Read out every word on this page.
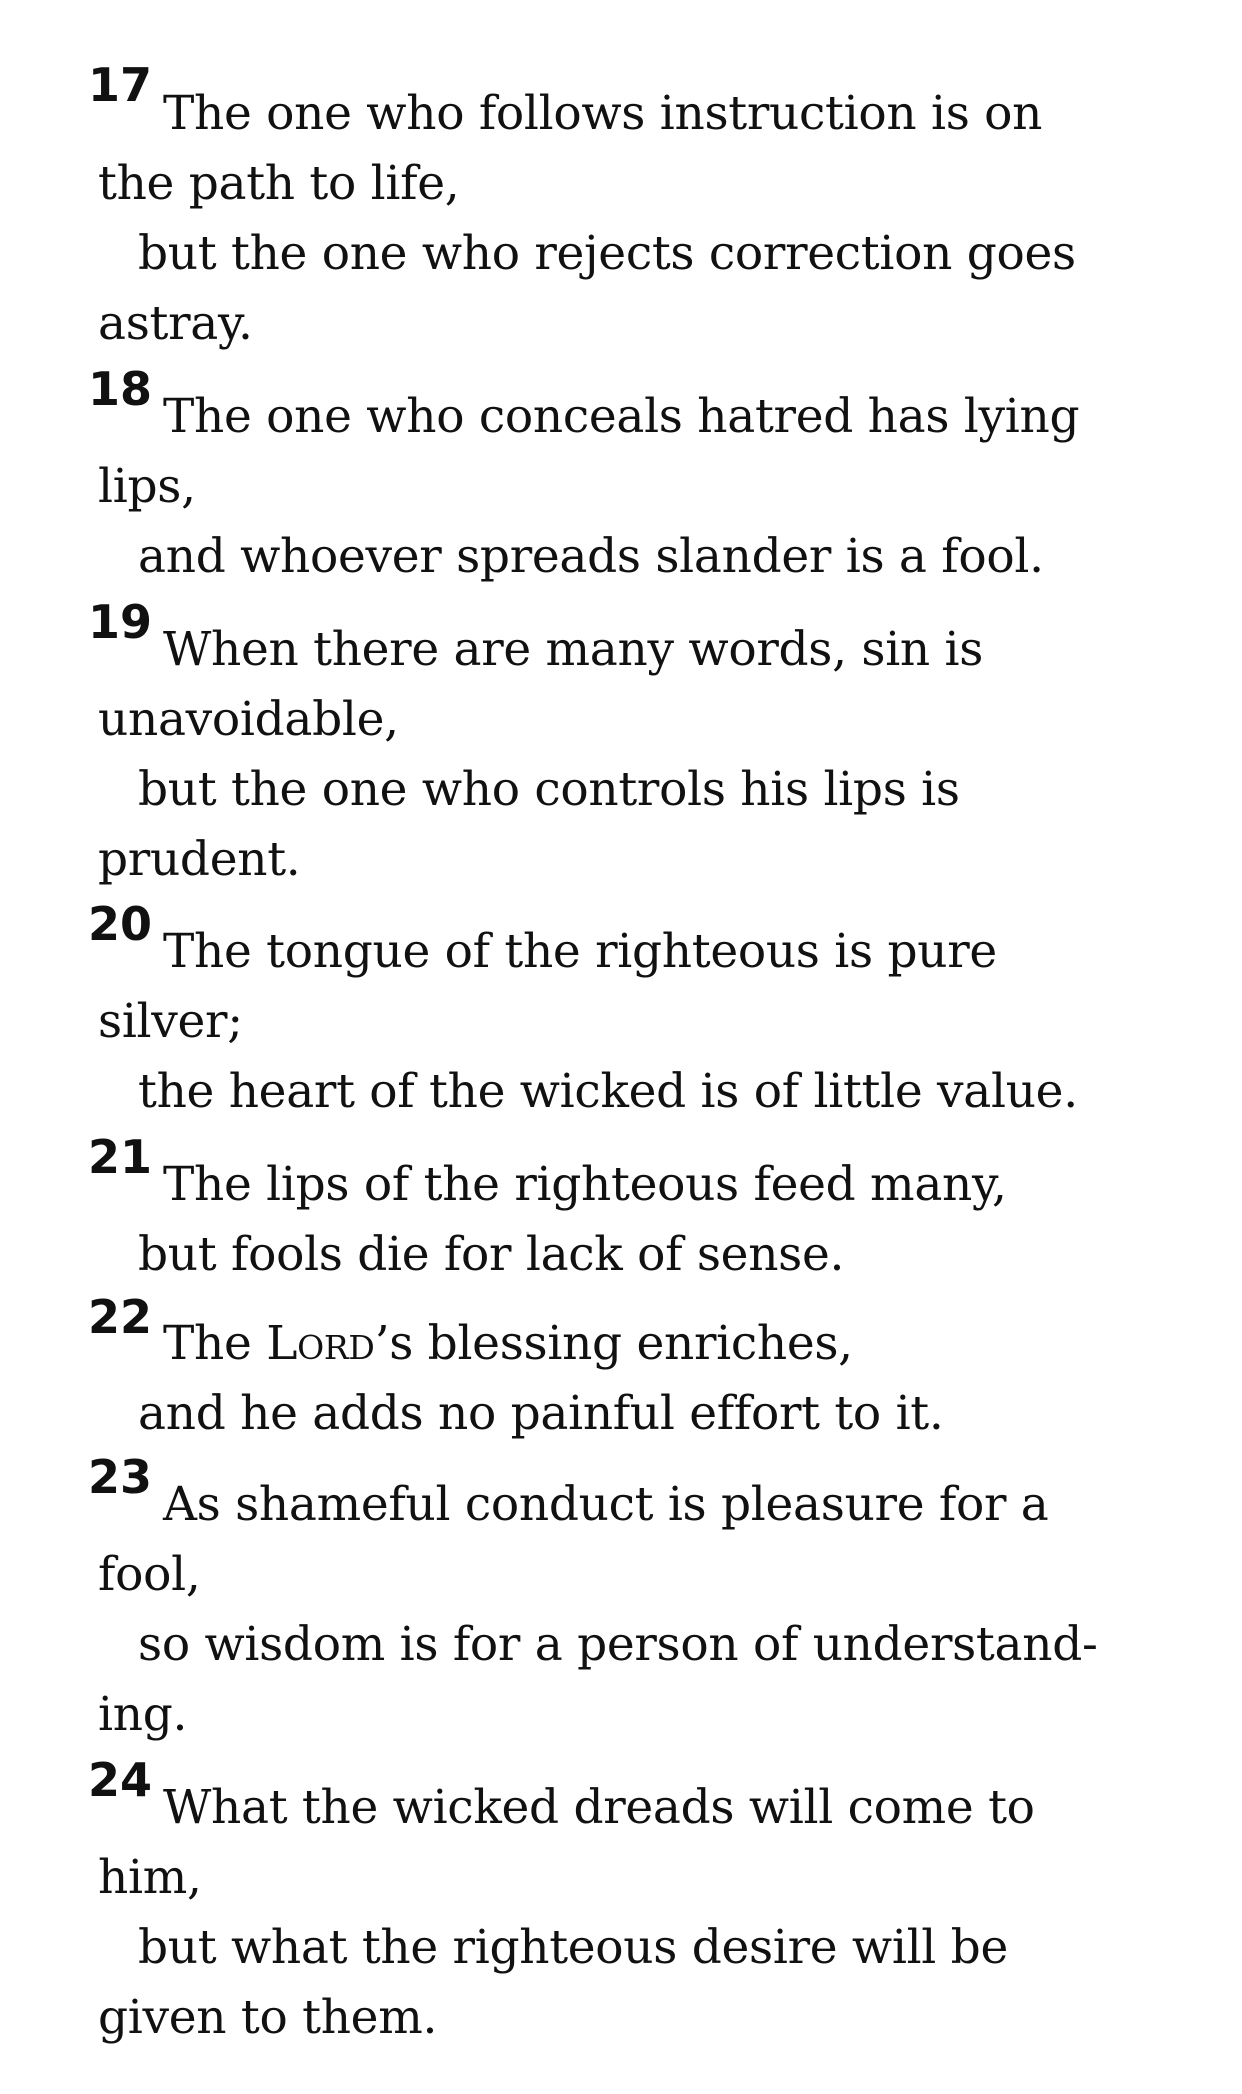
17
The one who follows instruction is on
the path to life,
but the one who rejects correction goes
astray.
18 The one who conceals hatred has lying
lips,
and whoever spreads slander is a fool.
19 When there are many words, sin is
unavoidable,
but the one who controls his lips is
prudent.
20 The tongue of the righteous is pure
silver;
the heart of the wicked is of little value.
21 The lips of the righteous feed many,
but fools die for lack of sense.
22 The Lord’s blessing enriches,
and he adds no painful effort to it.
23 As shameful conduct is pleasure for a
fool,
so wisdom is for a person of understand-
ing.
24 What the wicked dreads will come to
him,
but what the righteous desire will be
given to them.
